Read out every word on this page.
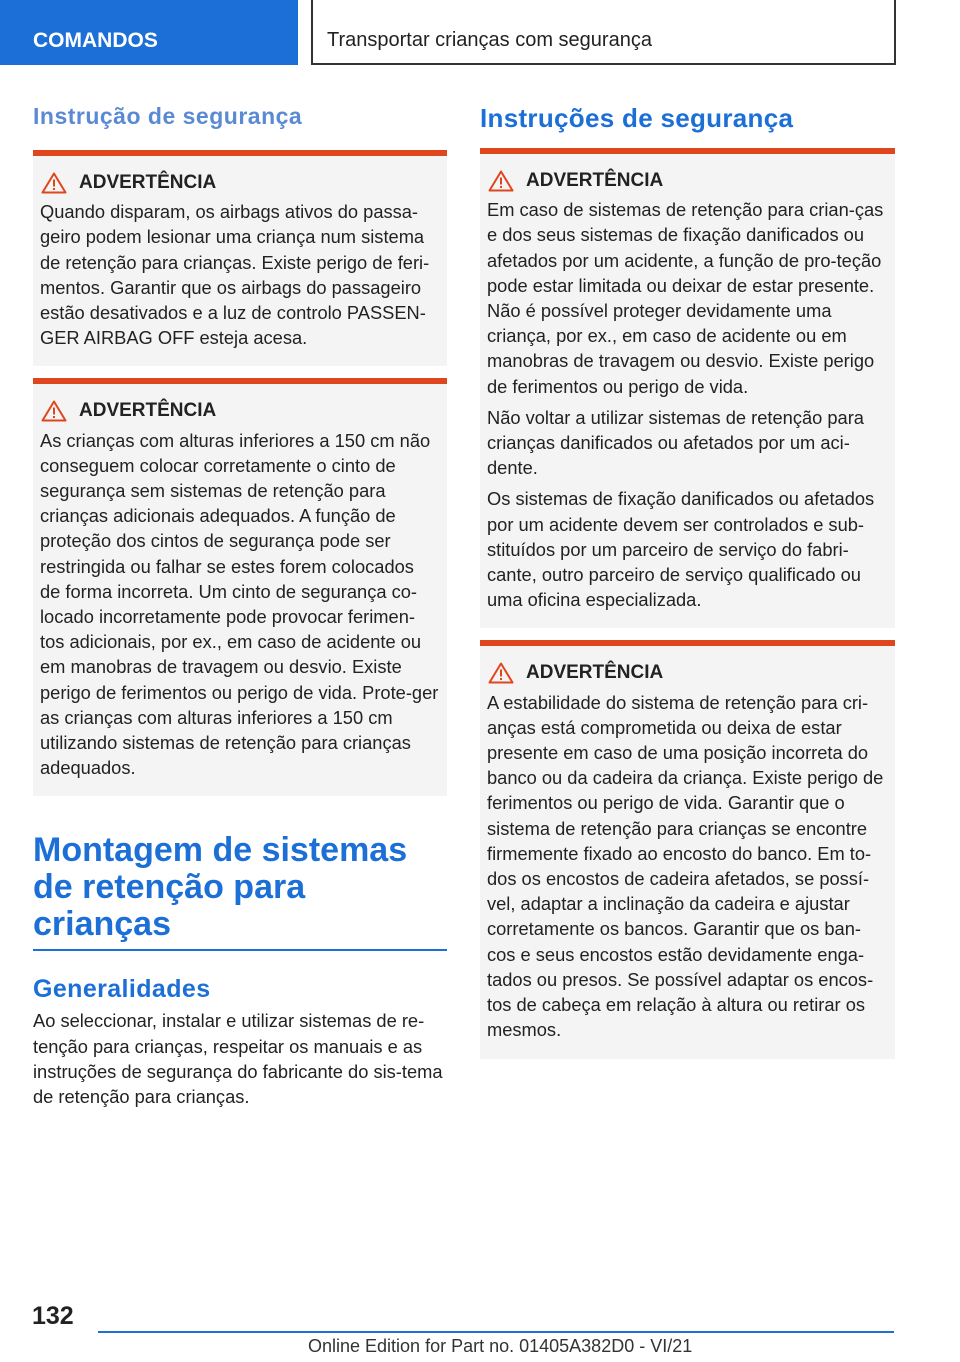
COMANDOS	Transportar crianças com segurança
Instrução de segurança
ADVERTÊNCIA

Quando disparam, os airbags ativos do passa-geiro podem lesionar uma criança num sistema de retenção para crianças. Existe perigo de feri-mentos. Garantir que os airbags do passageiro estão desativados e a luz de controlo PASSEN-GER AIRBAG OFF esteja acesa.

ADVERTÊNCIA

As crianças com alturas inferiores a 150 cm não conseguem colocar corretamente o cinto de segurança sem sistemas de retenção para crianças adicionais adequados. A função de proteção dos cintos de segurança pode ser restringida ou falhar se estes forem colocados de forma incorreta. Um cinto de segurança co-locado incorretamente pode provocar ferimen-tos adicionais, por ex., em caso de acidente ou em manobras de travagem ou desvio. Existe perigo de ferimentos ou perigo de vida. Prote-ger as crianças com alturas inferiores a 150 cm utilizando sistemas de retenção para crianças adequados.

Montagem de sistemas de retenção para crianças
Generalidades

Ao seleccionar, instalar e utilizar sistemas de re-tenção para crianças, respeitar os manuais e as instruções de segurança do fabricante do sis-tema de retenção para crianças.

Instruções de segurança
ADVERTÊNCIA

Em caso de sistemas de retenção para crian-ças e dos seus sistemas de fixação danificados ou afetados por um acidente, a função de pro-teção pode estar limitada ou deixar de estar presente. Não é possível proteger devidamente uma criança, por ex., em caso de acidente ou em manobras de travagem ou desvio. Existe perigo de ferimentos ou perigo de vida.

Não voltar a utilizar sistemas de retenção para crianças danificados ou afetados por um aci-dente.

Os sistemas de fixação danificados ou afetados por um acidente devem ser controlados e sub-stituídos por um parceiro de serviço do fabri-cante, outro parceiro de serviço qualificado ou uma oficina especializada.

ADVERTÊNCIA

A estabilidade do sistema de retenção para cri-anças está comprometida ou deixa de estar presente em caso de uma posição incorreta do banco ou da cadeira da criança. Existe perigo de ferimentos ou perigo de vida. Garantir que o sistema de retenção para crianças se encontre firmemente fixado ao encosto do banco. Em to-dos os encostos de cadeira afetados, se possí-vel, adaptar a inclinação da cadeira e ajustar corretamente os bancos. Garantir que os ban-cos e seus encostos estão devidamente enga-tados ou presos. Se possível adaptar os encos-tos de cabeça em relação à altura ou retirar os mesmos.

132
Online Edition for Part no. 01405A382D0 - VI/21
